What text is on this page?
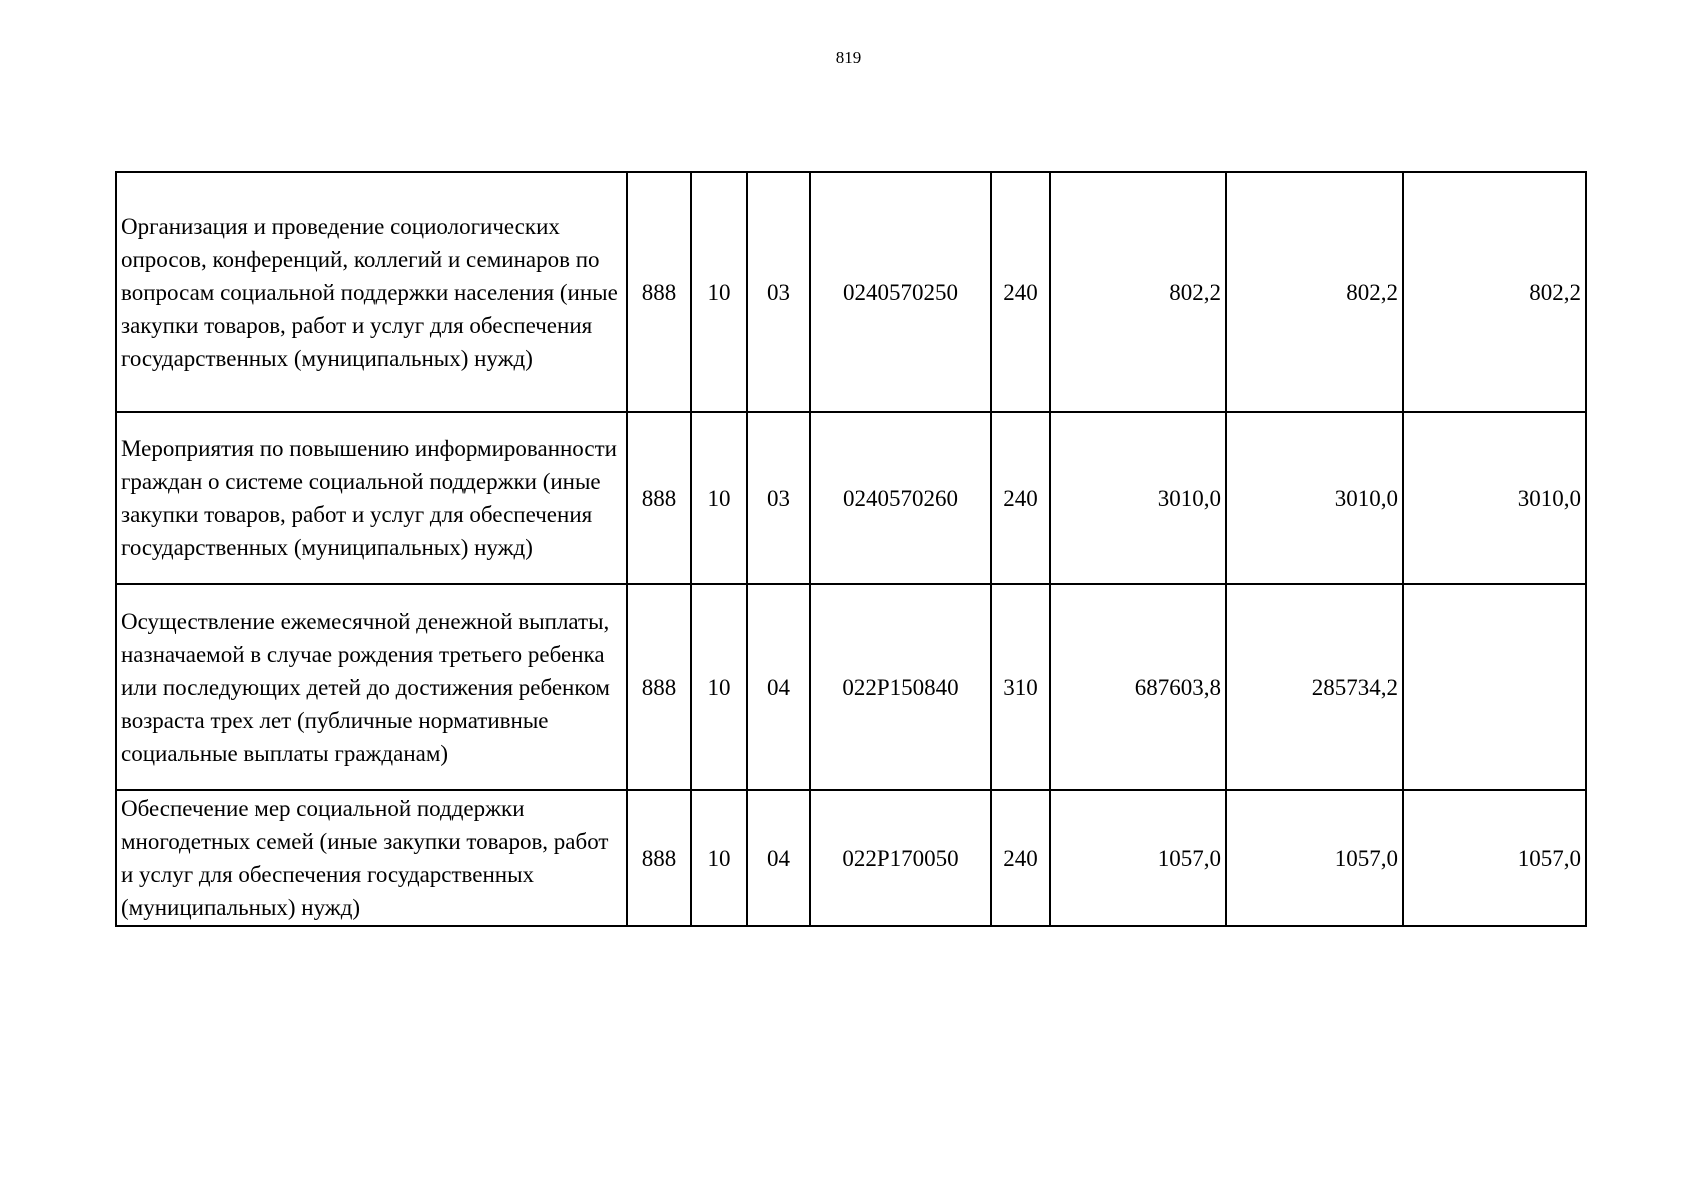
819
Организация и проведение социологических опросов, конференций, коллегий и семинаров по вопросам социальной поддержки населения (иные закупки товаров, работ и услуг для обеспечения государственных (муниципальных) нужд)	888	10	03	0240570250	240	802,2	802,2	802,2
Мероприятия по повышению информированности граждан о системе социальной поддержки (иные закупки товаров, работ и услуг для обеспечения государственных (муниципальных) нужд)	888	10	03	0240570260	240	3010,0	3010,0	3010,0
Осуществление ежемесячной денежной выплаты, назначаемой в случае рождения третьего ребенка или последующих детей до достижения ребенком возраста трех лет (публичные нормативные социальные выплаты гражданам)	888	10	04	022P150840	310	687603,8	285734,2	
Обеспечение мер социальной поддержки многодетных семей (иные закупки товаров, работ и услуг для обеспечения государственных (муниципальных) нужд)	888	10	04	022P170050	240	1057,0	1057,0	1057,0
